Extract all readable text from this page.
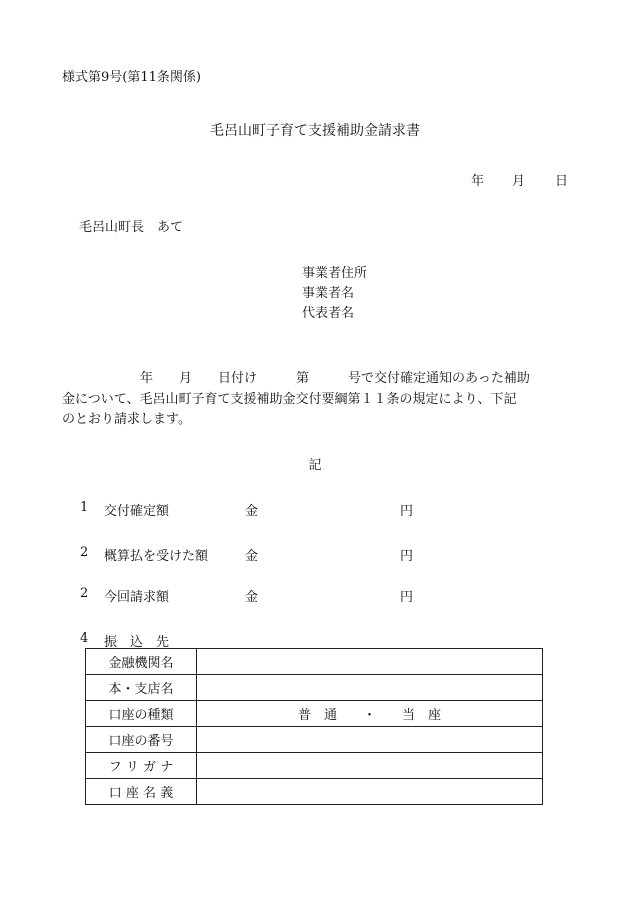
様式第9号(第11条関係)
毛呂山町子育て支援補助金請求書
年 月 日
毛呂山町長　あて
事業者住所
事業者名
代表者名
　　　　　　年　　月　　日付け　　　第　　　号で交付確定通知のあった補助
金について、毛呂山町子育て支援補助金交付要綱第１１条の規定により、下記
のとおり請求します。
記
1 交付確定額	金	円
2 概算払を受けた額	金	円
2 今回請求額	金	円
4 振　込　先
金融機関名	
本・支店名	
口座の種類	普　通　　・　　当　座
口座の番号	
フ リ ガ ナ	
口 座 名 義	
